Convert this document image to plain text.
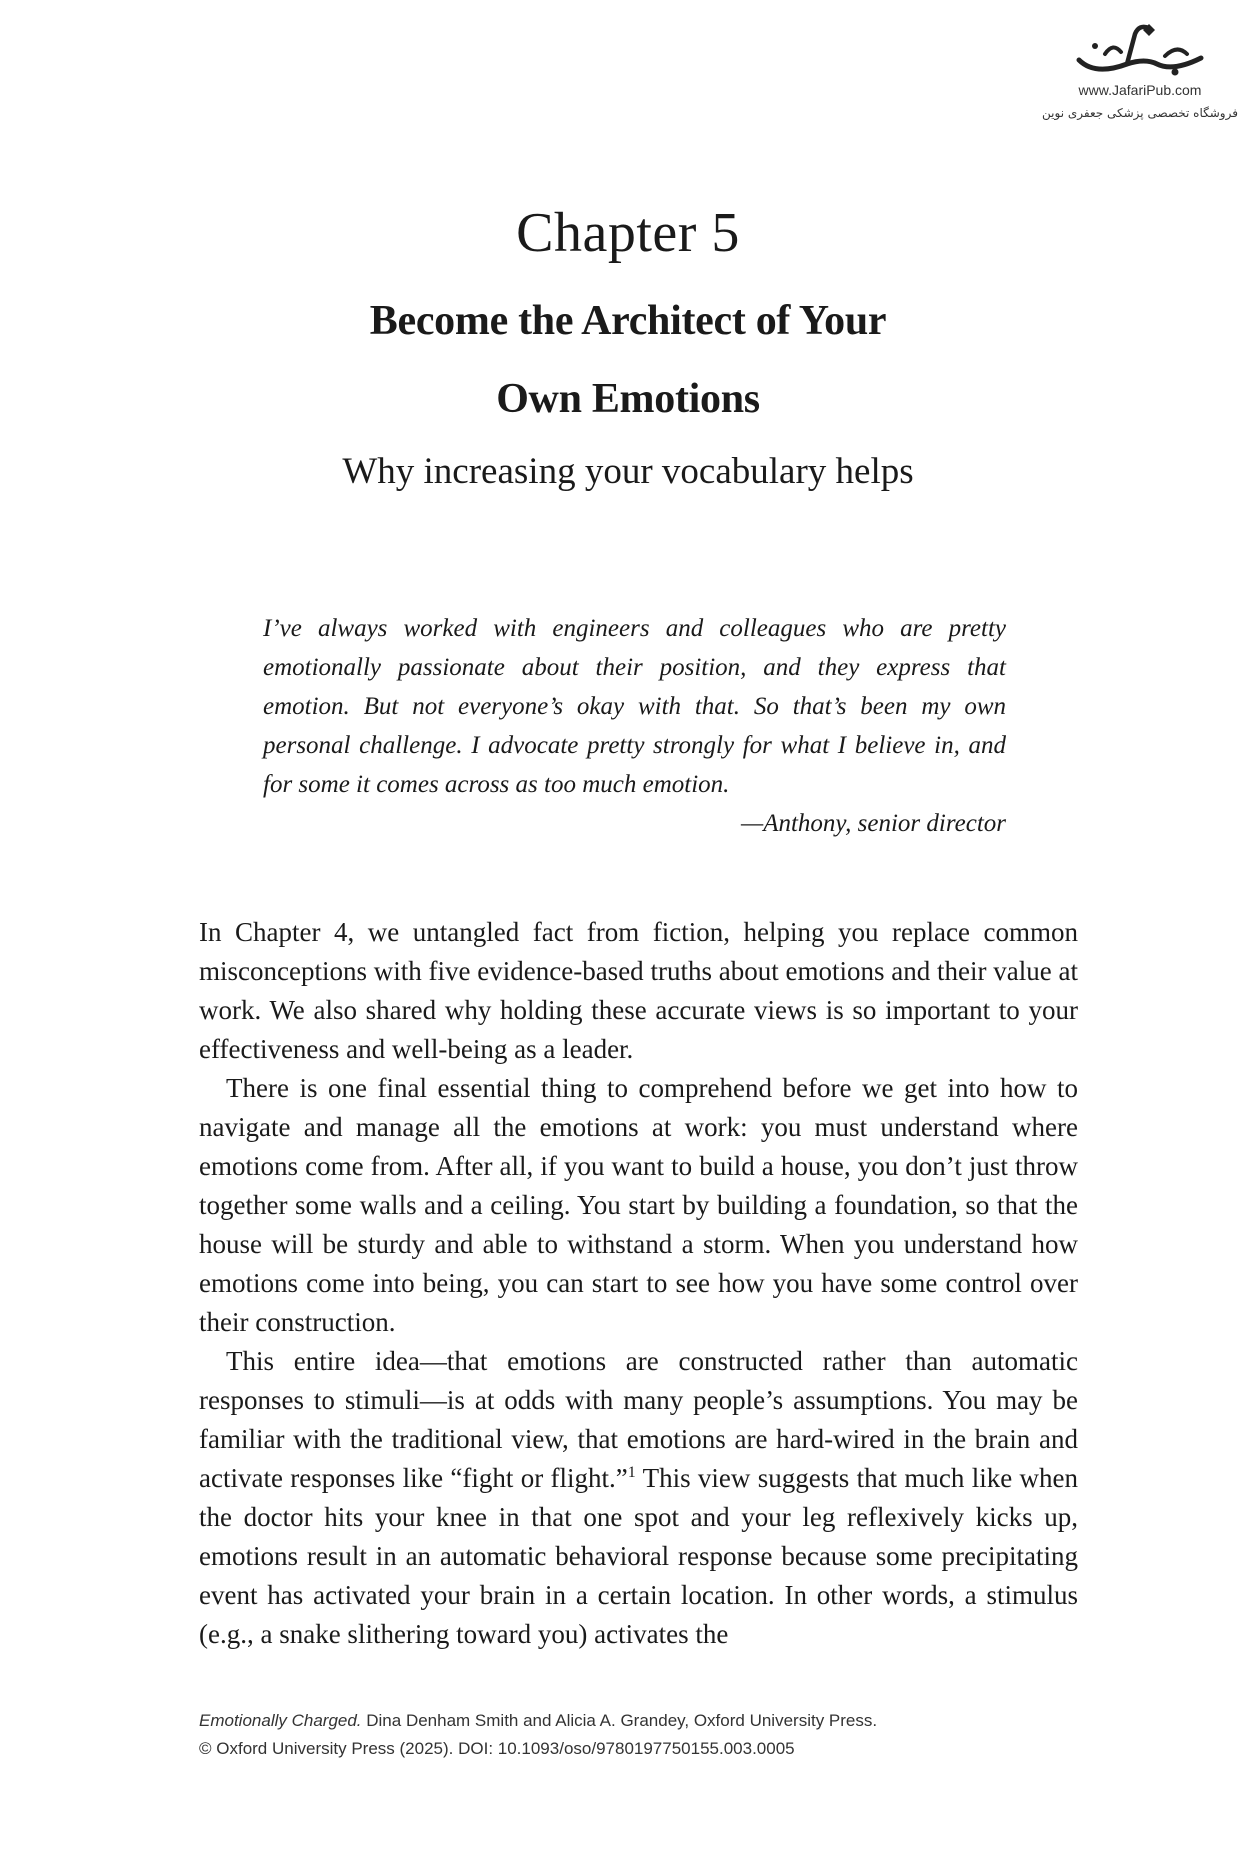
www.JafariPub.com
فروشگاه تخصصی پزشکی جعفری نوین
Chapter 5
Become the Architect of Your
Own Emotions
Why increasing your vocabulary helps
I’ve always worked with engineers and colleagues who are pretty emotionally passionate about their position, and they express that emotion. But not everyone’s okay with that. So that’s been my own personal challenge. I advocate pretty strongly for what I believe in, and for some it comes across as too much emotion.
—Anthony, senior director

In Chapter 4, we untangled fact from fiction, helping you replace common misconceptions with five evidence-based truths about emotions and their value at work. We also shared why holding these accurate views is so important to your effectiveness and well-being as a leader.

There is one final essential thing to comprehend before we get into how to navigate and manage all the emotions at work: you must understand where emotions come from. After all, if you want to build a house, you don’t just throw together some walls and a ceiling. You start by building a foundation, so that the house will be sturdy and able to withstand a storm. When you understand how emotions come into being, you can start to see how you have some control over their construction.

This entire idea—that emotions are constructed rather than automatic responses to stimuli—is at odds with many people’s assumptions. You may be familiar with the traditional view, that emotions are hard-wired in the brain and activate responses like “fight or flight.”$^1$ This view suggests that much like when the doctor hits your knee in that one spot and your leg reflexively kicks up, emotions result in an automatic behavioral response because some precipitating event has activated your brain in a certain location. In other words, a stimulus (e.g., a snake slithering toward you) activates the

Emotionally Charged. Dina Denham Smith and Alicia A. Grandey, Oxford University Press.
© Oxford University Press (2025). DOI: 10.1093/oso/9780197750155.003.0005
